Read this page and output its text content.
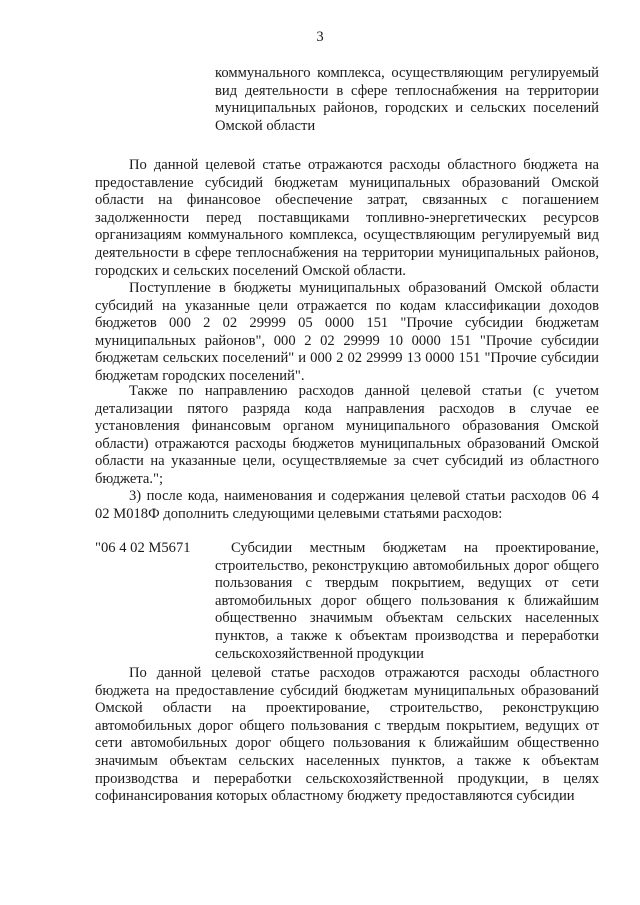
3
коммунального комплекса, осуществляющим регулируемый вид деятельности в сфере теплоснабжения на территории муниципальных районов, городских и сельских поселений Омской области

По данной целевой статье отражаются расходы областного бюджета на предоставление субсидий бюджетам муниципальных образований Омской области на финансовое обеспечение затрат, связанных с погашением задолженности перед поставщиками топливно-энергетических ресурсов организациям коммунального комплекса, осуществляющим регулируемый вид деятельности в сфере теплоснабжения на территории муниципальных районов, городских и сельских поселений Омской области.

Поступление в бюджеты муниципальных образований Омской области субсидий на указанные цели отражается по кодам классификации доходов бюджетов 000 2 02 29999 05 0000 151 "Прочие субсидии бюджетам муниципальных районов", 000 2 02 29999 10 0000 151 "Прочие субсидии бюджетам сельских поселений" и 000 2 02 29999 13 0000 151 "Прочие субсидии бюджетам городских поселений".

Также по направлению расходов данной целевой статьи (с учетом детализации пятого разряда кода направления расходов в случае ее установления финансовым органом муниципального образования Омской области) отражаются расходы бюджетов муниципальных образований Омской области на указанные цели, осуществляемые за счет субсидий из областного бюджета.";

3) после кода, наименования и содержания целевой статьи расходов 06 4 02 М018Ф дополнить следующими целевыми статьями расходов:

"06 4 02 М5671	Субсидии местным бюджетам на проектирование, строительство, реконструкцию автомобильных дорог общего пользования с твердым покрытием, ведущих от сети автомобильных дорог общего пользования к ближайшим общественно значимым объектам сельских населенных пунктов, а также к объектам производства и переработки сельскохозяйственной продукции

По данной целевой статье расходов отражаются расходы областного бюджета на предоставление субсидий бюджетам муниципальных образований Омской области на проектирование, строительство, реконструкцию автомобильных дорог общего пользования с твердым покрытием, ведущих от сети автомобильных дорог общего пользования к ближайшим общественно значимым объектам сельских населенных пунктов, а также к объектам производства и переработки сельскохозяйственной продукции, в целях софинансирования которых областному бюджету предоставляются субсидии
